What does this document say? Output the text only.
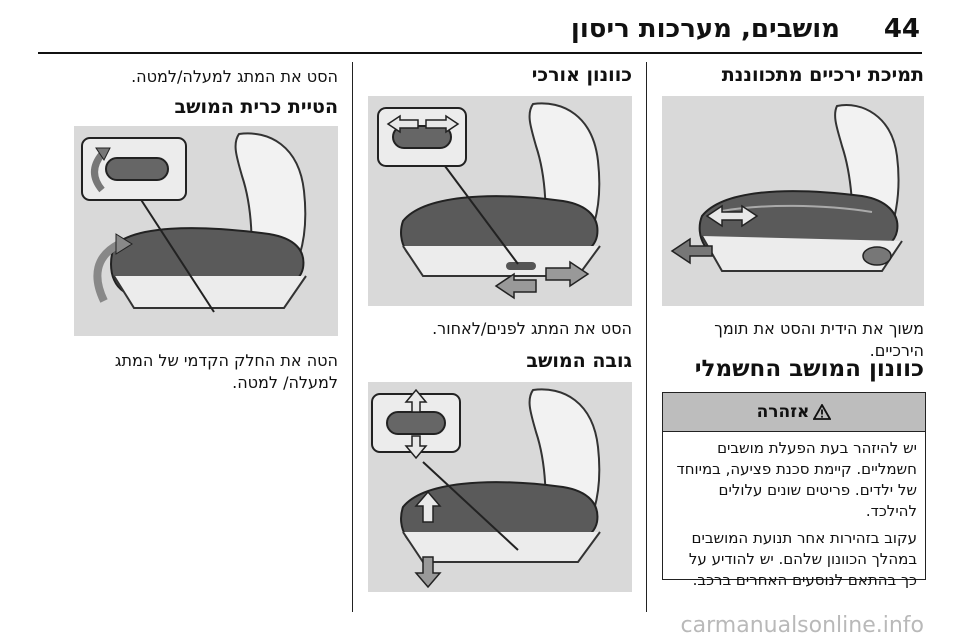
44
מושבים, מערכות ריסון
תמיכת ירכיים מתכווננת
משוך את הידית והסט את תומך הירכיים.
כוונון המושב החשמלי
אזהרה

יש להיזהר בעת הפעלת מושבים חשמליים. קיימת סכנת פציעה, במיוחד של ילדים. פריטים שונים עלולים להילכד.

עקוב בזהירות אחר תנועת המושבים במהלך הכוונון שלהם. יש להודיע על כך בהתאם לנוסעים האחרים ברכב.

כוונון אורכי
הסט את המתג לפנים/לאחור.
גובה המושב
הסט את המתג למעלה/למטה.
הטיית כרית המושב
הטה את החלק הקדמי של המתג למעלה/ למטה.
carmanualsonline.info
